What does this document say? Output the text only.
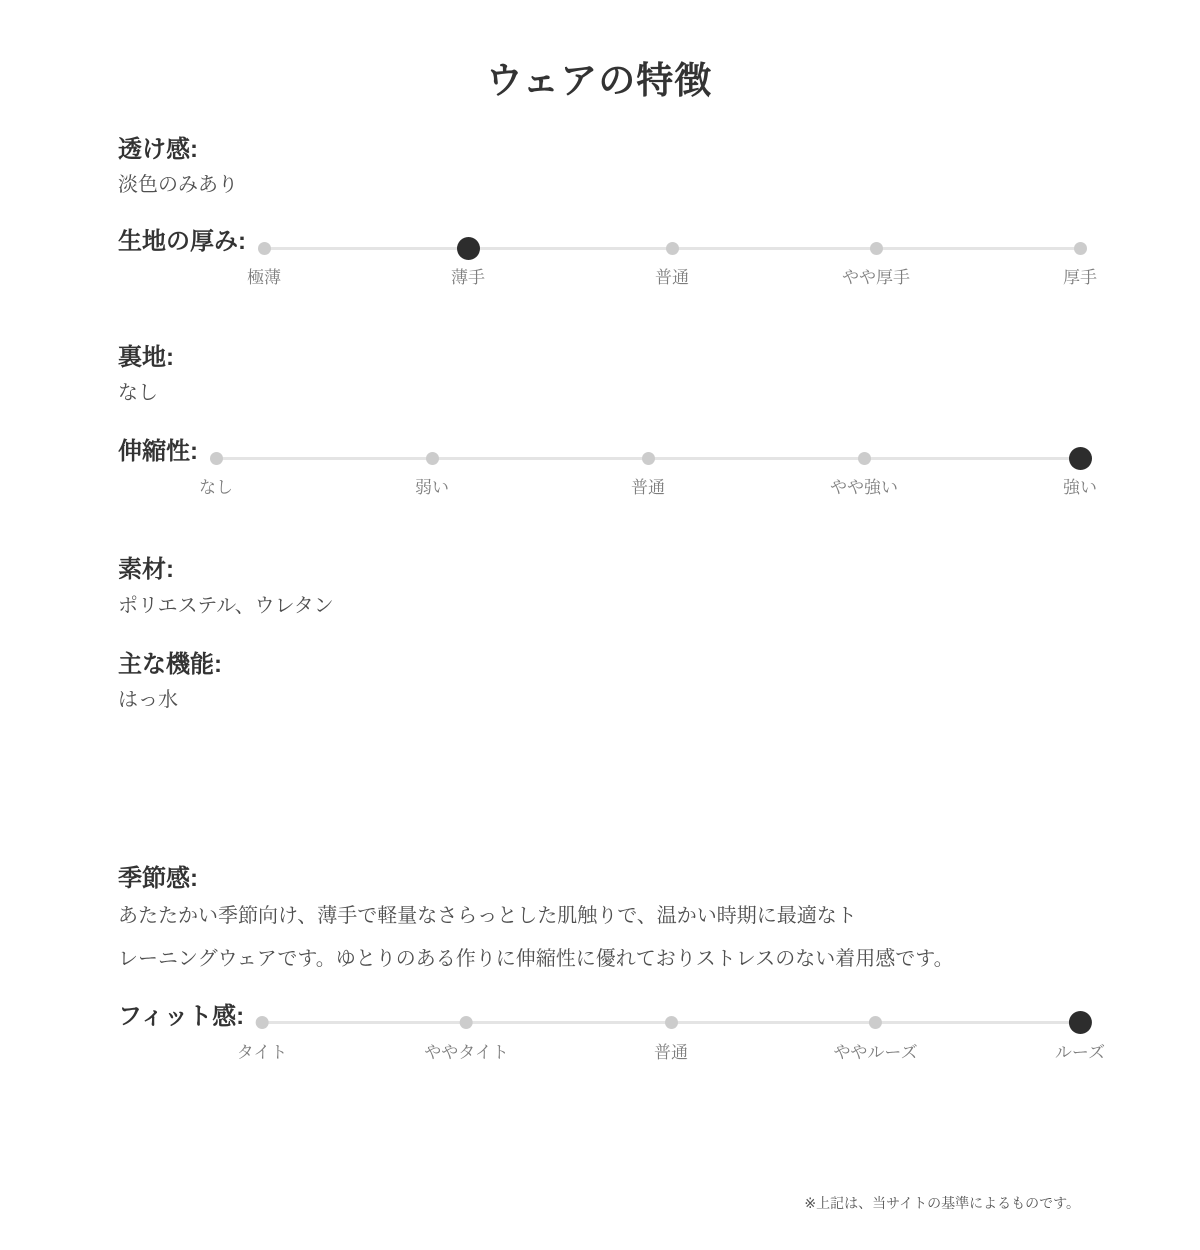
ウェアの特徴
透け感:

淡色のみあり

生地の厚み:
極薄	薄手	普通	やや厚手	厚手
裏地:

なし

伸縮性:
なし	弱い	普通	やや強い	強い
素材:

ポリエステル、ウレタン

主な機能:

はっ水

季節感:

あたたかい季節向け、薄手で軽量なさらっとした肌触りで、温かい時期に最適なト

レーニングウェアです。ゆとりのある作りに伸縮性に優れておりストレスのない着用感です。

フィット感:
タイト	ややタイト	普通	ややルーズ	ルーズ
※上記は、当サイトの基準によるものです。
